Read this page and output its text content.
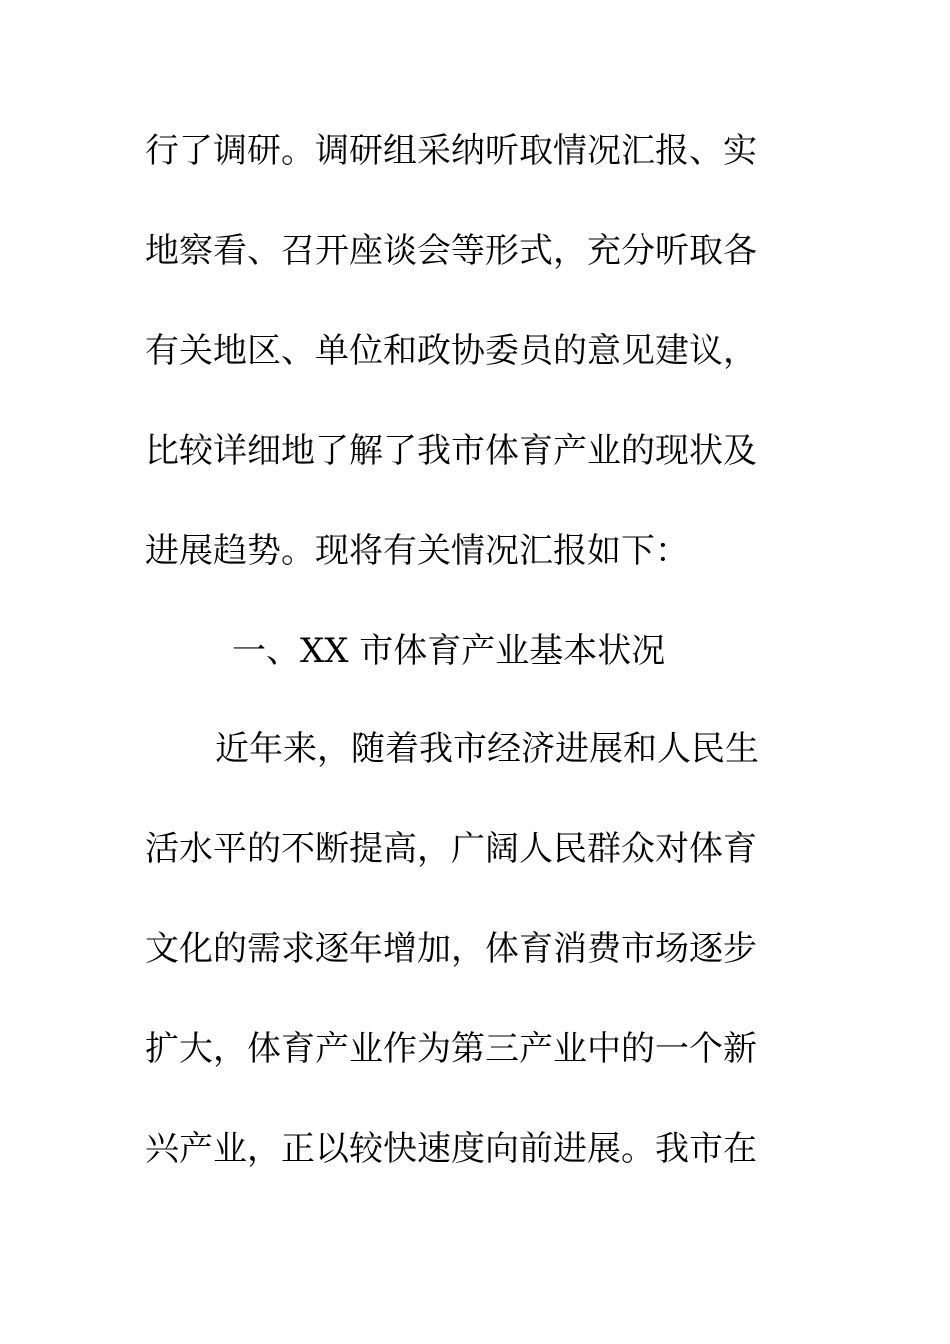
行了调研。调研组采纳听取情况汇报、实
地察看、召开座谈会等形式，充分听取各
有关地区、单位和政协委员的意见建议，
比较详细地了解了我市体育产业的现状及
进展趋势。现将有关情况汇报如下：
一、XX 市体育产业基本状况
近年来，随着我市经济进展和人民生
活水平的不断提高，广阔人民群众对体育
文化的需求逐年增加，体育消费市场逐步
扩大，体育产业作为第三产业中的一个新
兴产业，正以较快速度向前进展。我市在
